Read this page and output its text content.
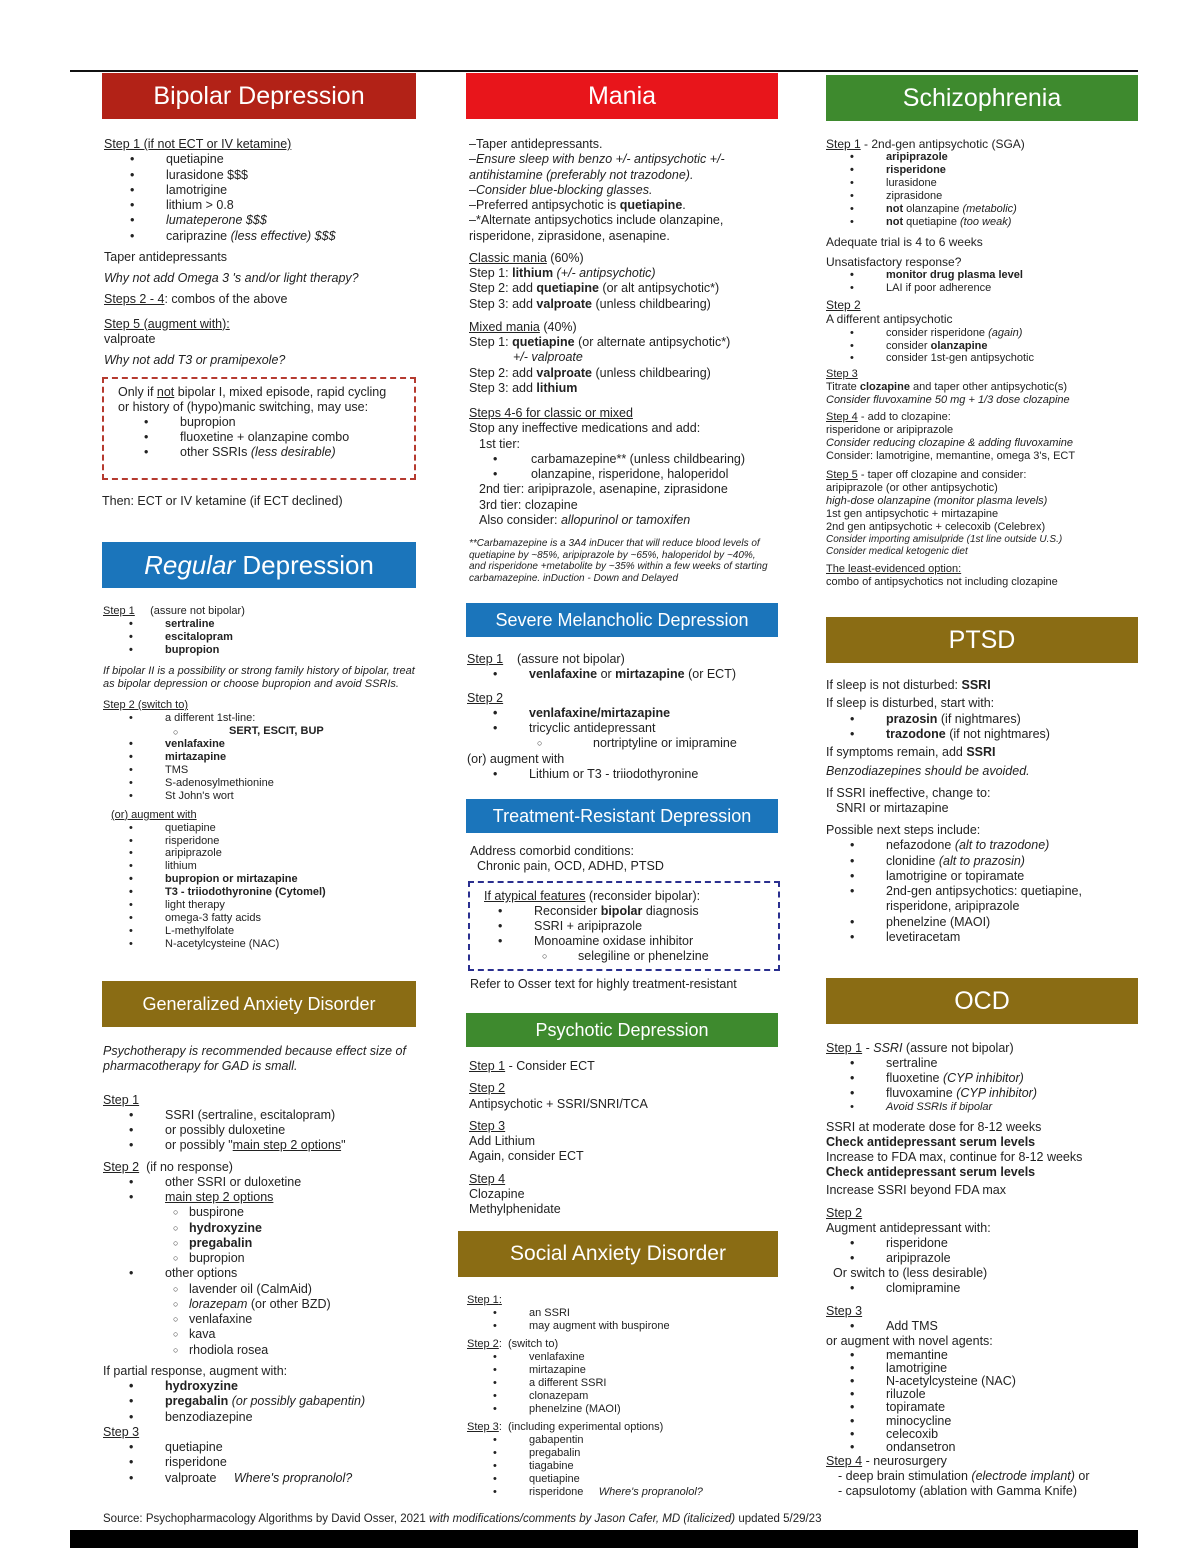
Bipolar Depression

Step 1 (if not ECT or IV ketamine)

• quetiapine
• lurasidone $$$
• lamotrigine
• lithium > 0.8
• lumateperone $$$
• cariprazine (less effective) $$$

Taper antidepressants

Why not add Omega 3 's and/or light therapy?

Steps 2 - 4: combos of the above

Step 5 (augment with):

valproate

Why not add T3 or pramipexole?

Only if not bipolar I, mixed episode, rapid cycling or history of (hypo)manic switching, may use:

• bupropion
• fluoxetine + olanzapine combo
• other SSRIs (less desirable)

Then: ECT or IV ketamine (if ECT declined)

Regular Depression

Step 1 (assure not bipolar)

• sertraline
• escitalopram
• bupropion

If bipolar II is a possibility or strong family history of bipolar, treat as bipolar depression or choose bupropion and avoid SSRIs.

Step 2 (switch to)

• a different 1st-line:
○ SERT, ESCIT, BUP
• venlafaxine
• mirtazapine
• TMS
• S-adenosylmethionine
• St John's wort

(or) augment with

• quetiapine
• risperidone
• aripiprazole
• lithium
• bupropion or mirtazapine
• T3 - triiodothyronine (Cytomel)
• light therapy
• omega-3 fatty acids
• L-methylfolate
• N-acetylcysteine (NAC)
Generalized Anxiety Disorder

Psychotherapy is recommended because effect size of pharmacotherapy for GAD is small.

Step 1

• SSRI (sertraline, escitalopram)
• or possibly duloxetine
• or possibly "main step 2 options"

Step 2 (if no response)

• other SSRI or duloxetine
• main step 2 options
○ buspirone
○ hydroxyzine
○ pregabalin
○ bupropion
• other options
○ lavender oil (CalmAid)
○ lorazepam (or other BZD)
○ venlafaxine
○ kava
○ rhodiola rosea

If partial response, augment with:

• hydroxyzine
• pregabalin (or possibly gabapentin)
• benzodiazepine

Step 3

• quetiapine
• risperidone
• valproate Where's propranolol?
Mania

–Taper antidepressants.

–Ensure sleep with benzo +/- antipsychotic +/- antihistamine (preferably not trazodone).

–Consider blue-blocking glasses.

–Preferred antipsychotic is quetiapine.

–*Alternate antipsychotics include olanzapine, risperidone, ziprasidone, asenapine.

Classic mania (60%)

Step 1: lithium (+/- antipsychotic)

Step 2: add quetiapine (or alt antipsychotic*)

Step 3: add valproate (unless childbearing)

Mixed mania (40%)

Step 1: quetiapine (or alternate antipsychotic*)

+/- valproate

Step 2: add valproate (unless childbearing)

Step 3: add lithium

Steps 4-6 for classic or mixed

Stop any ineffective medications and add:

1st tier:

• carbamazepine** (unless childbearing)
• olanzapine, risperidone, haloperidol

2nd tier: aripiprazole, asenapine, ziprasidone

3rd tier: clozapine

Also consider: allopurinol or tamoxifen

**Carbamazepine is a 3A4 inDucer that will reduce blood levels of quetiapine by ~85%, aripiprazole by ~65%, haloperidol by ~40%, and risperidone +metabolite by ~35% within a few weeks of starting carbamazepine. inDuction - Down and Delayed

Severe Melancholic Depression

Step 1 (assure not bipolar)

• venlafaxine or mirtazapine (or ECT)

Step 2

• venlafaxine/mirtazapine
• tricyclic antidepressant
○ nortriptyline or imipramine

(or) augment with

• Lithium or T3 - triiodothyronine
Treatment-Resistant Depression

Address comorbid conditions:

Chronic pain, OCD, ADHD, PTSD

If atypical features (reconsider bipolar):

• Reconsider bipolar diagnosis
• SSRI + aripiprazole
• Monoamine oxidase inhibitor
○ selegiline or phenelzine

Refer to Osser text for highly treatment-resistant

Psychotic Depression

Step 1 - Consider ECT

Step 2

Antipsychotic + SSRI/SNRI/TCA

Step 3

Add Lithium

Again, consider ECT

Step 4

Clozapine

Methylphenidate

Social Anxiety Disorder

Step 1:

• an SSRI
• may augment with buspirone

Step 2:  (switch to)

• venlafaxine
• mirtazapine
• a different SSRI
• clonazepam
• phenelzine (MAOI)

Step 3:  (including experimental options)

• gabapentin
• pregabalin
• tiagabine
• quetiapine
• risperidone Where's propranolol?
Schizophrenia

Step 1 - 2nd-gen antipsychotic (SGA)

• aripiprazole
• risperidone
• lurasidone
• ziprasidone
• not olanzapine (metabolic)
• not quetiapine (too weak)

Adequate trial is 4 to 6 weeks

Unsatisfactory response?

• monitor drug plasma level
• LAI if poor adherence

Step 2

A different antipsychotic

• consider risperidone (again)
• consider olanzapine
• consider 1st-gen antipsychotic

Step 3

Titrate clozapine and taper other antipsychotic(s)

Consider fluvoxamine 50 mg + 1/3 dose clozapine

Step 4 - add to clozapine:

risperidone or aripiprazole

Consider reducing clozapine & adding fluvoxamine

Consider: lamotrigine, memantine, omega 3's, ECT

Step 5 - taper off clozapine and consider:

aripiprazole (or other antipsychotic)

high-dose olanzapine (monitor plasma levels)

1st gen antipsychotic + mirtazapine

2nd gen antipsychotic + celecoxib (Celebrex)

Consider importing amisulpride (1st line outside U.S.)

Consider medical ketogenic diet

The least-evidenced option:

combo of antipsychotics not including clozapine

PTSD

If sleep is not disturbed: SSRI

If sleep is disturbed, start with:

• prazosin (if nightmares)
• trazodone (if not nightmares)

If symptoms remain, add SSRI

Benzodiazepines should be avoided.

If SSRI ineffective, change to:

SNRI or mirtazapine

Possible next steps include:

• nefazodone (alt to trazodone)
• clonidine (alt to prazosin)
• lamotrigine or topiramate
• 2nd-gen antipsychotics: quetiapine, risperidone, aripiprazole
• phenelzine (MAOI)
• levetiracetam
OCD

Step 1 - SSRI (assure not bipolar)

• sertraline
• fluoxetine (CYP inhibitor)
• fluvoxamine (CYP inhibitor)
• Avoid SSRIs if bipolar

SSRI at moderate dose for 8-12 weeks

Check antidepressant serum levels

Increase to FDA max, continue for 8-12 weeks

Check antidepressant serum levels

Increase SSRI beyond FDA max

Step 2

Augment antidepressant with:

• risperidone
• aripiprazole

Or switch to (less desirable)

• clomipramine

Step 3

• Add TMS

or augment with novel agents:

• memantine
• lamotrigine
• N-acetylcysteine (NAC)
• riluzole
• topiramate
• minocycline
• celecoxib
• ondansetron

Step 4 - neurosurgery

- deep brain stimulation (electrode implant) or

- capsulotomy (ablation with Gamma Knife)

Source: Psychopharmacology Algorithms by David Osser, 2021 with modifications/comments by Jason Cafer, MD (italicized) updated 5/29/23
